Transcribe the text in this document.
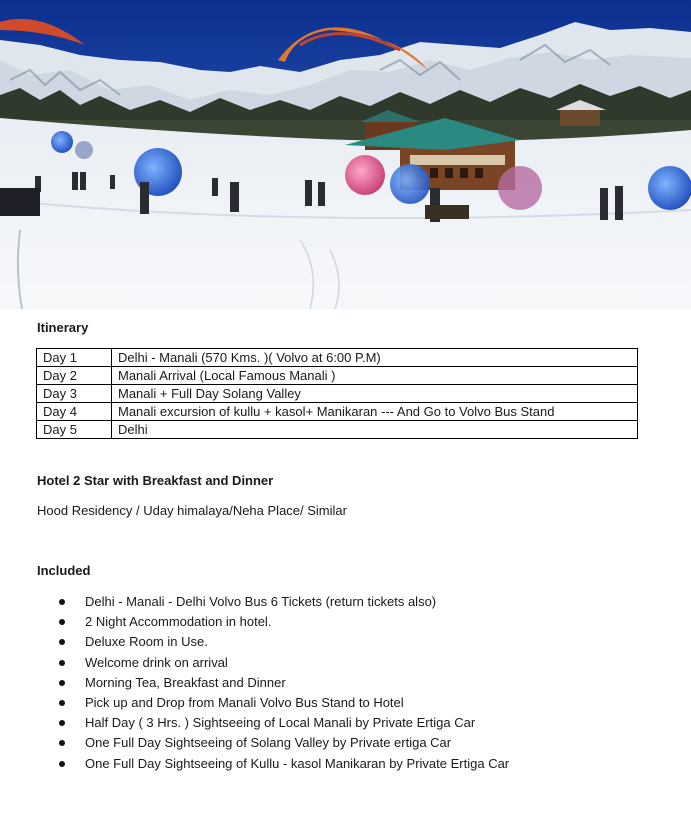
Itinerary
Day 1	Delhi - Manali (570 Kms. )( Volvo at 6:00 P.M)
Day 2	Manali Arrival (Local Famous Manali )
Day 3	Manali + Full Day Solang Valley
Day 4	Manali excursion of kullu + kasol+ Manikaran --- And Go to Volvo Bus Stand
Day 5	Delhi
Hotel 2 Star with Breakfast and Dinner

Hood Residency / Uday himalaya/Neha Place/ Similar

Included
Delhi - Manali - Delhi Volvo Bus 6 Tickets (return tickets also)
2 Night Accommodation in hotel.
Deluxe Room in Use.
Welcome drink on arrival
Morning Tea, Breakfast and Dinner
Pick up and Drop from Manali Volvo Bus Stand to Hotel
Half Day ( 3 Hrs. ) Sightseeing of Local Manali by Private Ertiga Car
One Full Day Sightseeing of Solang Valley by Private ertiga Car
One Full Day Sightseeing of Kullu - kasol Manikaran by Private Ertiga Car
